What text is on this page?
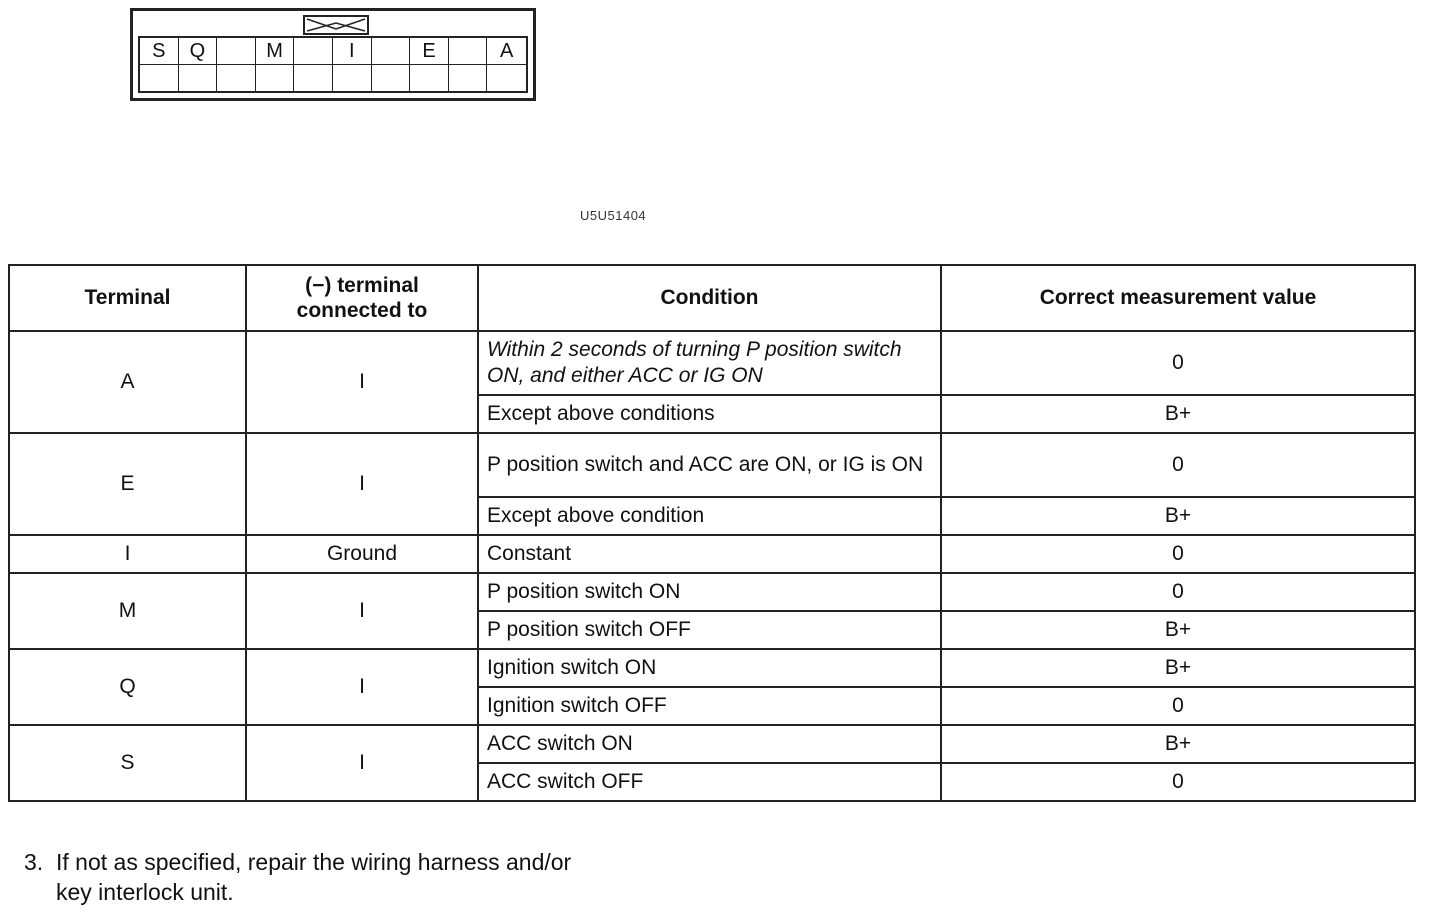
S	Q	M	I	E	A
U5U51404
Terminal	(−) terminal connected to	Condition	Correct measurement value
A	I	Within 2 seconds of turning P position switch ON, and either ACC or IG ON	0
		Except above conditions	B+
E	I	P position switch and ACC are ON, or IG is ON	0
		Except above condition	B+
I	Ground	Constant	0
M	I	P position switch ON	0
		P position switch OFF	B+
Q	I	Ignition switch ON	B+
		Ignition switch OFF	0
S	I	ACC switch ON	B+
		ACC switch OFF	0
3. If not as specified, repair the wiring harness and/or
key interlock unit.
